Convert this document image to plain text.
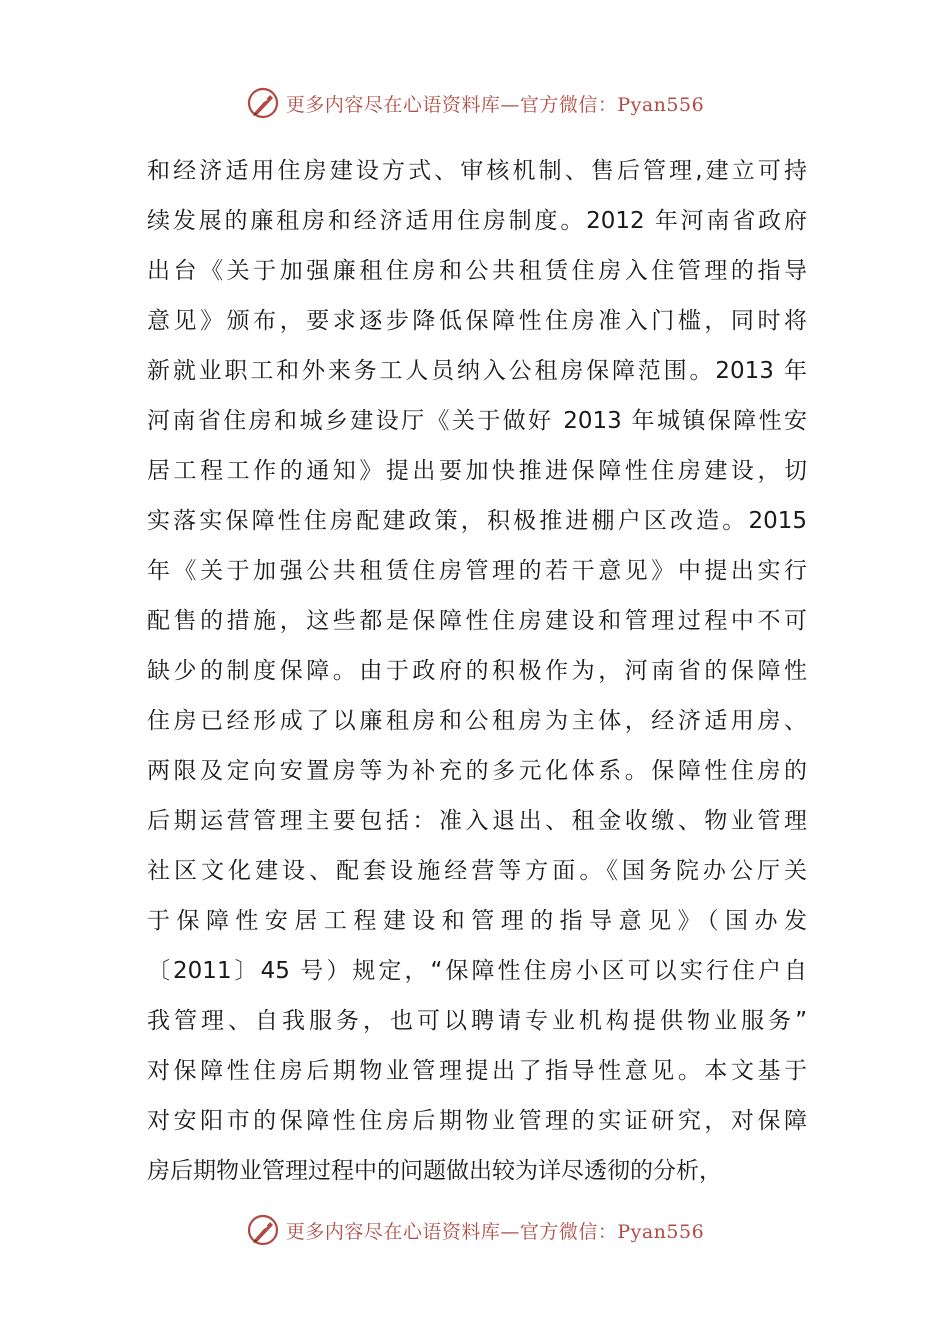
更多内容尽在心语资料库—官方微信：Pyan556
和经济适用住房建设方式、审核机制、售后管理,建立可持
续发展的廉租房和经济适用住房制度。2012 年河南省政府
出台《关于加强廉租住房和公共租赁住房入住管理的指导
意见》颁布，要求逐步降低保障性住房准入门槛，同时将
新就业职工和外来务工人员纳入公租房保障范围。2013 年
河南省住房和城乡建设厅《关于做好 2013 年城镇保障性安
居工程工作的通知》提出要加快推进保障性住房建设，切
实落实保障性住房配建政策，积极推进棚户区改造。2015
年《关于加强公共租赁住房管理的若干意见》中提出实行
配售的措施，这些都是保障性住房建设和管理过程中不可
缺少的制度保障。由于政府的积极作为，河南省的保障性
住房已经形成了以廉租房和公租房为主体，经济适用房、
两限及定向安置房等为补充的多元化体系。保障性住房的
后期运营管理主要包括：准入退出、租金收缴、物业管理
社区文化建设、配套设施经营等方面。《国务院办公厅关
于保障性安居工程建设和管理的指导意见》（国办发
〔2011〕45 号）规定，“保障性住房小区可以实行住户自
我管理、自我服务，也可以聘请专业机构提供物业服务”
对保障性住房后期物业管理提出了指导性意见。本文基于
对安阳市的保障性住房后期物业管理的实证研究，对保障
房后期物业管理过程中的问题做出较为详尽透彻的分析，
更多内容尽在心语资料库—官方微信：Pyan556
